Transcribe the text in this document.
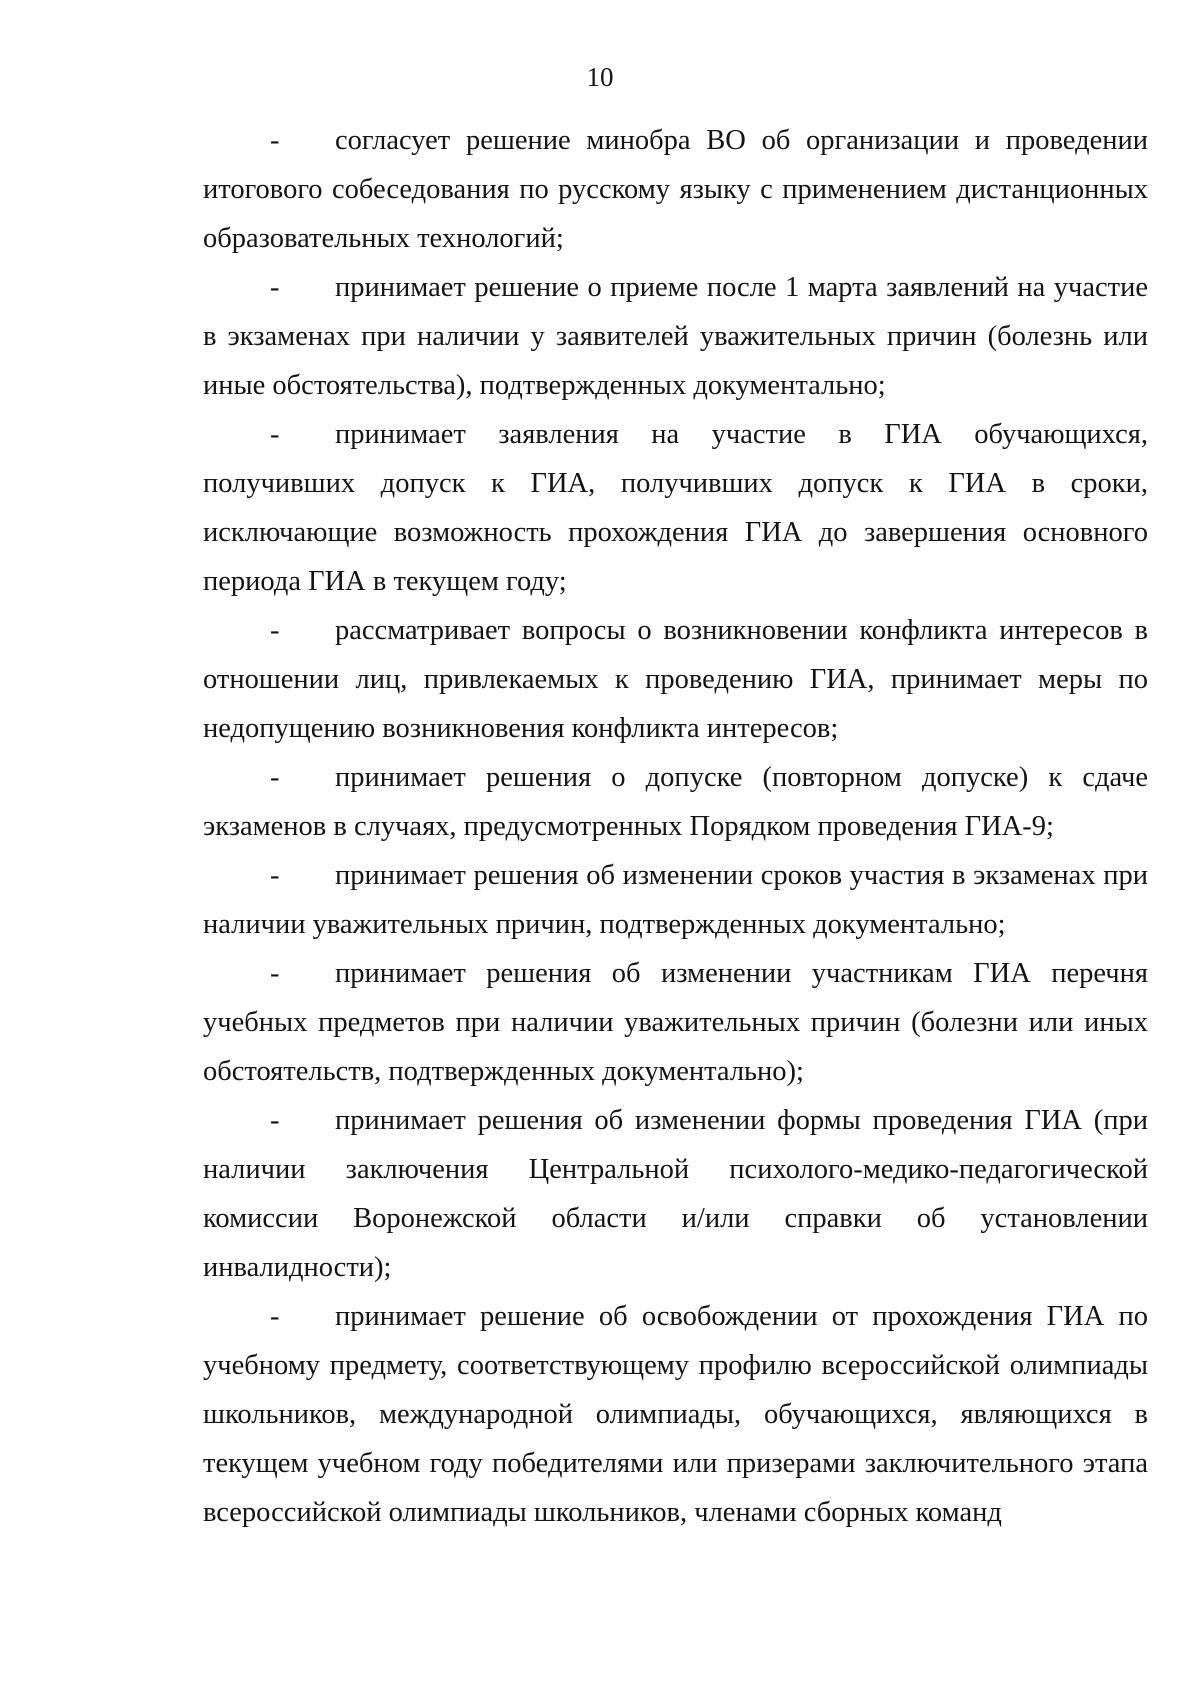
10

- согласует решение минобра ВО об организации и проведении итогового собеседования по русскому языку с применением дистанционных образовательных технологий;

- принимает решение о приеме после 1 марта заявлений на участие в экзаменах при наличии у заявителей уважительных причин (болезнь или иные обстоятельства), подтвержденных документально;

- принимает заявления на участие в ГИА обучающихся, получивших допуск к ГИА, получивших допуск к ГИА в сроки, исключающие возможность прохождения ГИА до завершения основного периода ГИА в текущем году;

- рассматривает вопросы о возникновении конфликта интересов в отношении лиц, привлекаемых к проведению ГИА, принимает меры по недопущению возникновения конфликта интересов;

- принимает решения о допуске (повторном допуске) к сдаче экзаменов в случаях, предусмотренных Порядком проведения ГИА-9;

- принимает решения об изменении сроков участия в экзаменах при наличии уважительных причин, подтвержденных документально;

- принимает решения об изменении участникам ГИА перечня учебных предметов при наличии уважительных причин (болезни или иных обстоятельств, подтвержденных документально);

- принимает решения об изменении формы проведения ГИА (при наличии заключения Центральной психолого-медико-педагогической комиссии Воронежской области и/или справки об установлении инвалидности);

- принимает решение об освобождении от прохождения ГИА по учебному предмету, соответствующему профилю всероссийской олимпиады школьников, международной олимпиады, обучающихся, являющихся в текущем учебном году победителями или призерами заключительного этапа всероссийской олимпиады школьников, членами сборных команд
